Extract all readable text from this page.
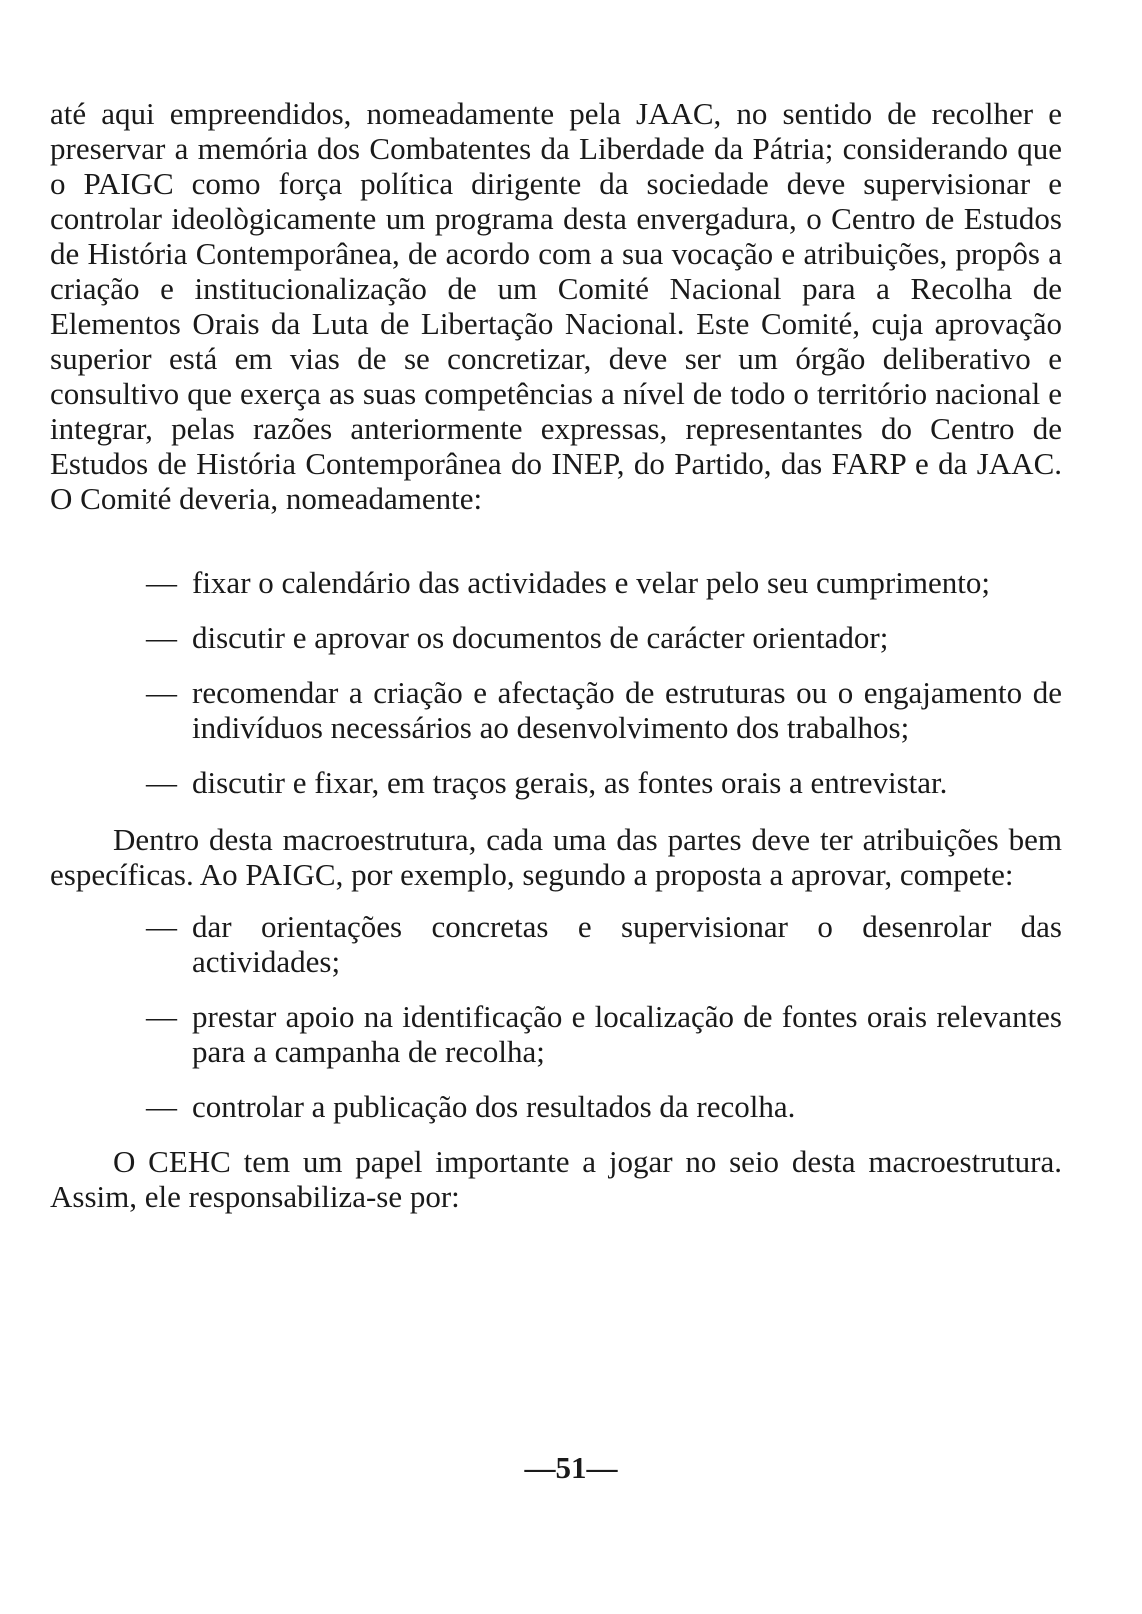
até aqui empreendidos, nomeadamente pela JAAC, no sentido de recolher e preservar a memória dos Combatentes da Liberdade da Pátria; considerando que o PAIGC como força política dirigente da sociedade deve supervisionar e controlar ideològicamente um programa desta envergadura, o Centro de Estudos de História Contemporânea, de acordo com a sua vocação e atribuições, propôs a criação e institucionalização de um Comité Nacional para a Recolha de Elementos Orais da Luta de Libertação Nacional. Este Comité, cuja aprovação superior está em vias de se concretizar, deve ser um órgão deliberativo e consultivo que exerça as suas competências a nível de todo o território nacional e integrar, pelas razões anteriormente expressas, representantes do Centro de Estudos de História Contemporânea do INEP, do Partido, das FARP e da JAAC. O Comité deveria, nomeadamente:

— fixar o calendário das actividades e velar pelo seu cumprimento;
— discutir e aprovar os documentos de carácter orientador;
— recomendar a criação e afectação de estruturas ou o engajamento de indivíduos necessários ao desenvolvimento dos trabalhos;
— discutir e fixar, em traços gerais, as fontes orais a entrevistar.

Dentro desta macroestrutura, cada uma das partes deve ter atribuições bem específicas. Ao PAIGC, por exemplo, segundo a proposta a aprovar, compete:

— dar orientações concretas e supervisionar o desenrolar das actividades;
— prestar apoio na identificação e localização de fontes orais relevantes para a campanha de recolha;
— controlar a publicação dos resultados da recolha.

O CEHC tem um papel importante a jogar no seio desta macroestrutura. Assim, ele responsabiliza-se por:

—51—
